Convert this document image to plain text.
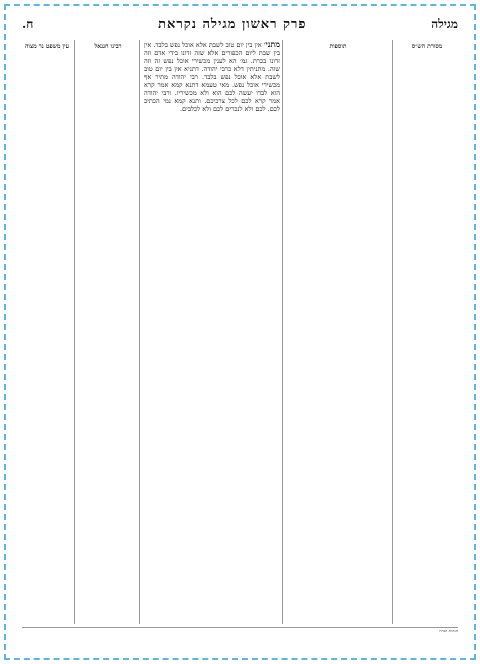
מגילה
פרק ראשון מגילה נקראת
ח.
מסורת הש״ס
תוספות

מתני׳ אין בין יום טוב לשבת אלא אוכל נפש בלבד. אין בין שבת ליום הכפורים אלא שזה זדונו בידי אדם וזה זדונו בכרת. גמ׳ הא לענין מכשירי אוכל נפש זה וזה שוה. מתניתין דלא כרבי יהודה. דתניא אין בין יום טוב לשבת אלא אוכל נפש בלבד. רבי יהודה מתיר אף מכשירי אוכל נפש. מאי טעמא דתנא קמא אמר קרא הוא לבדו יעשה לכם הוא ולא מכשיריו. ורבי יהודה אמר קרא לכם לכל צרכיכם. ותנא קמא נמי הכתיב לכם. לכם ולא לנכרים לכם ולא לכלבים.

רבינו חננאל
עין משפט נר מצוה
הגהות הב״ח
